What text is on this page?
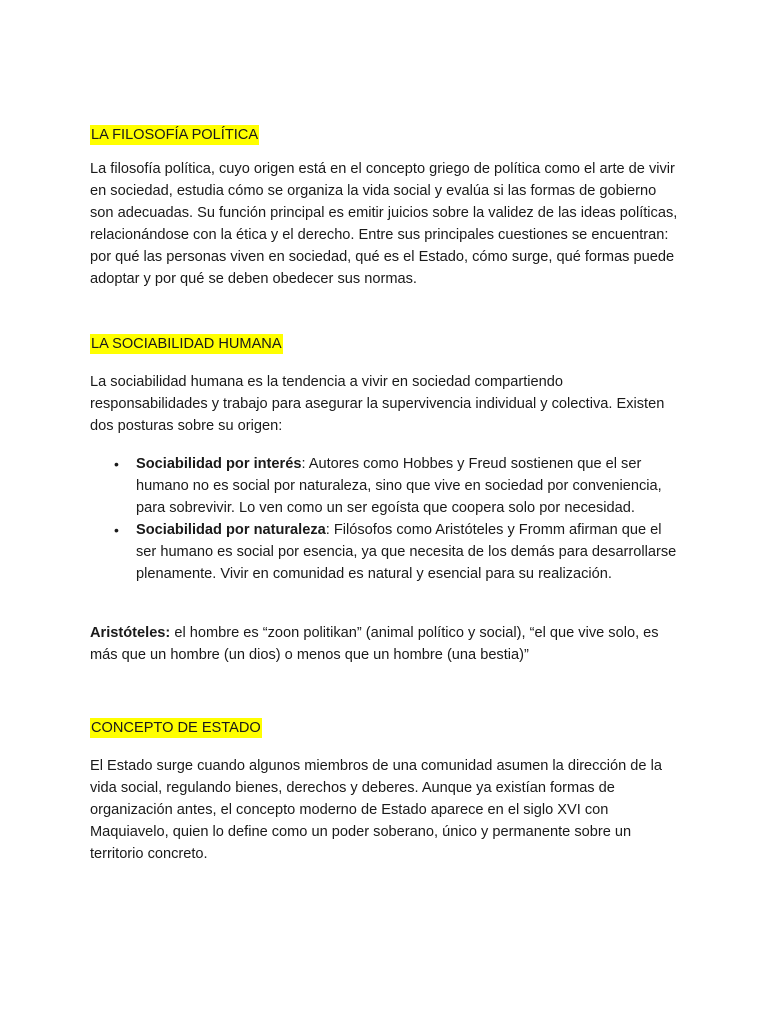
LA FILOSOFÍA POLÍTICA

La filosofía política, cuyo origen está en el concepto griego de política como el arte de vivir en sociedad, estudia cómo se organiza la vida social y evalúa si las formas de gobierno son adecuadas. Su función principal es emitir juicios sobre la validez de las ideas políticas, relacionándose con la ética y el derecho. Entre sus principales cuestiones se encuentran: por qué las personas viven en sociedad, qué es el Estado, cómo surge, qué formas puede adoptar y por qué se deben obedecer sus normas.

LA SOCIABILIDAD HUMANA

La sociabilidad humana es la tendencia a vivir en sociedad compartiendo responsabilidades y trabajo para asegurar la supervivencia individual y colectiva. Existen dos posturas sobre su origen:

• Sociabilidad por interés: Autores como Hobbes y Freud sostienen que el ser humano no es social por naturaleza, sino que vive en sociedad por conveniencia, para sobrevivir. Lo ven como un ser egoísta que coopera solo por necesidad.
• Sociabilidad por naturaleza: Filósofos como Aristóteles y Fromm afirman que el ser humano es social por esencia, ya que necesita de los demás para desarrollarse plenamente. Vivir en comunidad es natural y esencial para su realización.

Aristóteles: el hombre es “zoon politikan” (animal político y social), “el que vive solo, es más que un hombre (un dios) o menos que un hombre (una bestia)”

CONCEPTO DE ESTADO

El Estado surge cuando algunos miembros de una comunidad asumen la dirección de la vida social, regulando bienes, derechos y deberes. Aunque ya existían formas de organización antes, el concepto moderno de Estado aparece en el siglo XVI con Maquiavelo, quien lo define como un poder soberano, único y permanente sobre un territorio concreto.
